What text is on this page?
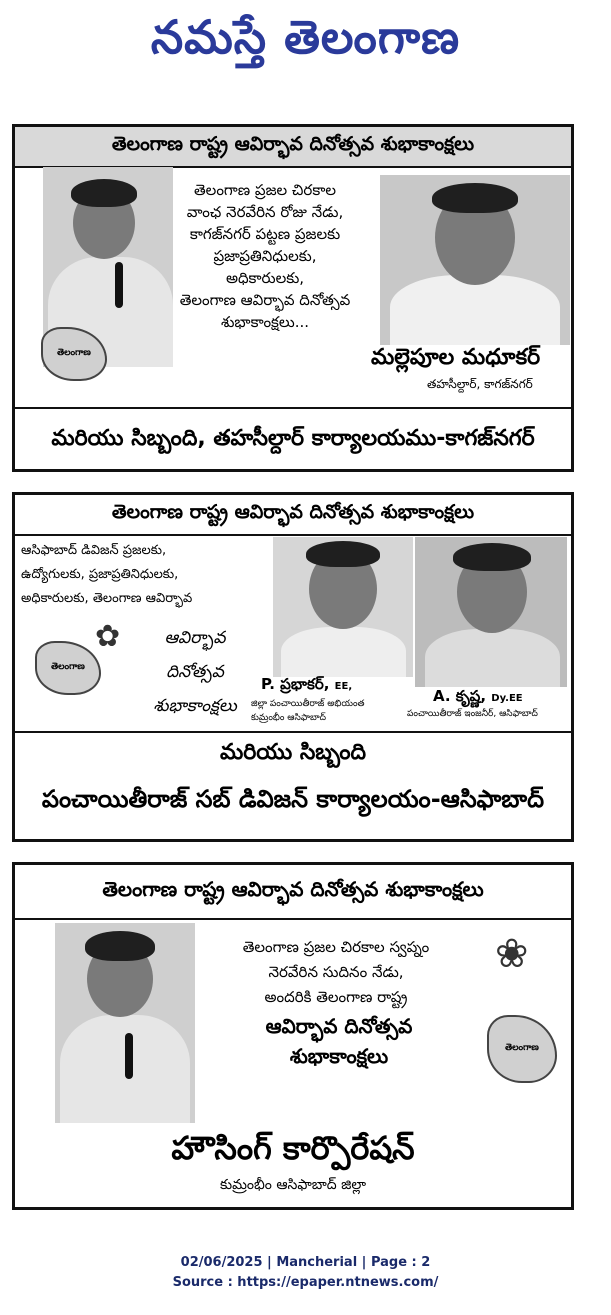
నమస్తే తెలంగాణ
తెలంగాణ రాష్ట్ర ఆవిర్భావ దినోత్సవ శుభాకాంక్షలు
తెలంగాణ
తెలంగాణ ప్రజల చిరకాల
వాంఛ నెరవేరిన రోజు నేడు,
కాగజ్‌నగర్ పట్టణ ప్రజలకు
ప్రజాప్రతినిధులకు,
అధికారులకు,
తెలంగాణ ఆవిర్భావ దినోత్సవ
శుభాకాంక్షలు...
మల్లెపూల మధూకర్
తహసీల్దార్, కాగజ్‌నగర్
మరియు సిబ్బంది, తహసీల్దార్ కార్యాలయము-కాగజ్‌నగర్
తెలంగాణ రాష్ట్ర ఆవిర్భావ దినోత్సవ శుభాకాంక్షలు
ఆసిఫాబాద్ డివిజన్ ప్రజలకు,
ఉద్యోగులకు, ప్రజాప్రతినిధులకు,
అధికారులకు, తెలంగాణ ఆవిర్భావ
✿
తెలంగాణ
ఆవిర్భావ
దినోత్సవ
శుభాకాంక్షలు
P. ప్రభాకర్, EE,
జిల్లా పంచాయితీరాజ్ అభియంత
కుమ్రంభీం ఆసిఫాబాద్
A. కృష్ణ, Dy.EE
పంచాయితీరాజ్ ఇంజనీర్, ఆసిఫాబాద్
మరియు సిబ్బంది
పంచాయితీరాజ్ సబ్ డివిజన్ కార్యాలయం-ఆసిఫాబాద్
తెలంగాణ రాష్ట్ర ఆవిర్భావ దినోత్సవ శుభాకాంక్షలు
తెలంగాణ ప్రజల చిరకాల స్వప్నం
నెరవేరిన సుదినం నేడు,
అందరికి తెలంగాణ రాష్ట్ర
ఆవిర్భావ దినోత్సవ
శుభాకాంక్షలు
❀
తెలంగాణ
హౌసింగ్ కార్పొరేషన్
కుమ్రంభీం ఆసిఫాబాద్ జిల్లా
02/06/2025 | Mancherial | Page : 2
Source : https://epaper.ntnews.com/
